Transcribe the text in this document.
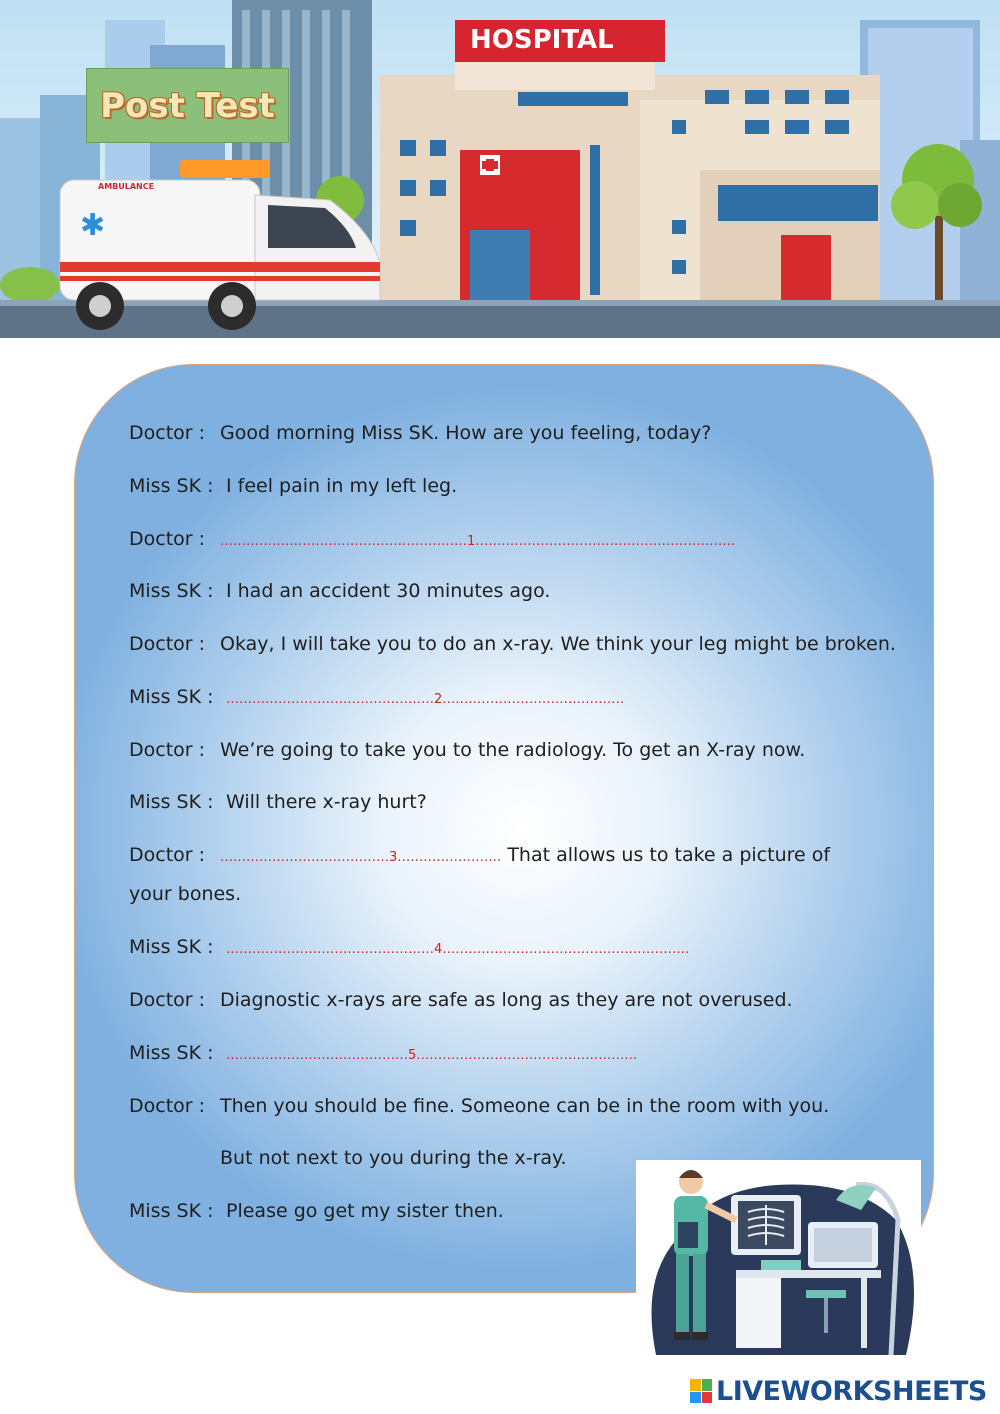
HOSPITAL
AMBULANCE
✱
Post Test
Doctor : Good morning Miss SK. How are you feeling, today?
Miss SK : I feel pain in my left leg.
Doctor : …………………………………………………1……………………………………………………
Miss SK : I had an accident 30 minutes ago.
Doctor : Okay, I will take you to do an x-ray. We think your leg might be broken.
Miss SK : …………………………………………2……………………………………
Doctor : We’re going to take you to the radiology. To get an X-ray now.
Miss SK : Will there x-ray hurt?
Doctor : …………………………………3…………………… That allows us to take a picture of
your bones.
Miss SK : …………………………………………4…………………………………………………
Doctor : Diagnostic x-rays are safe as long as they are not overused.
Miss SK : ……………………………………5……………………………………………
Doctor : Then you should be fine. Someone can be in the room with you.
But not next to you during the x-ray.
Miss SK : Please go get my sister then.
LIVEWORKSHEETS
